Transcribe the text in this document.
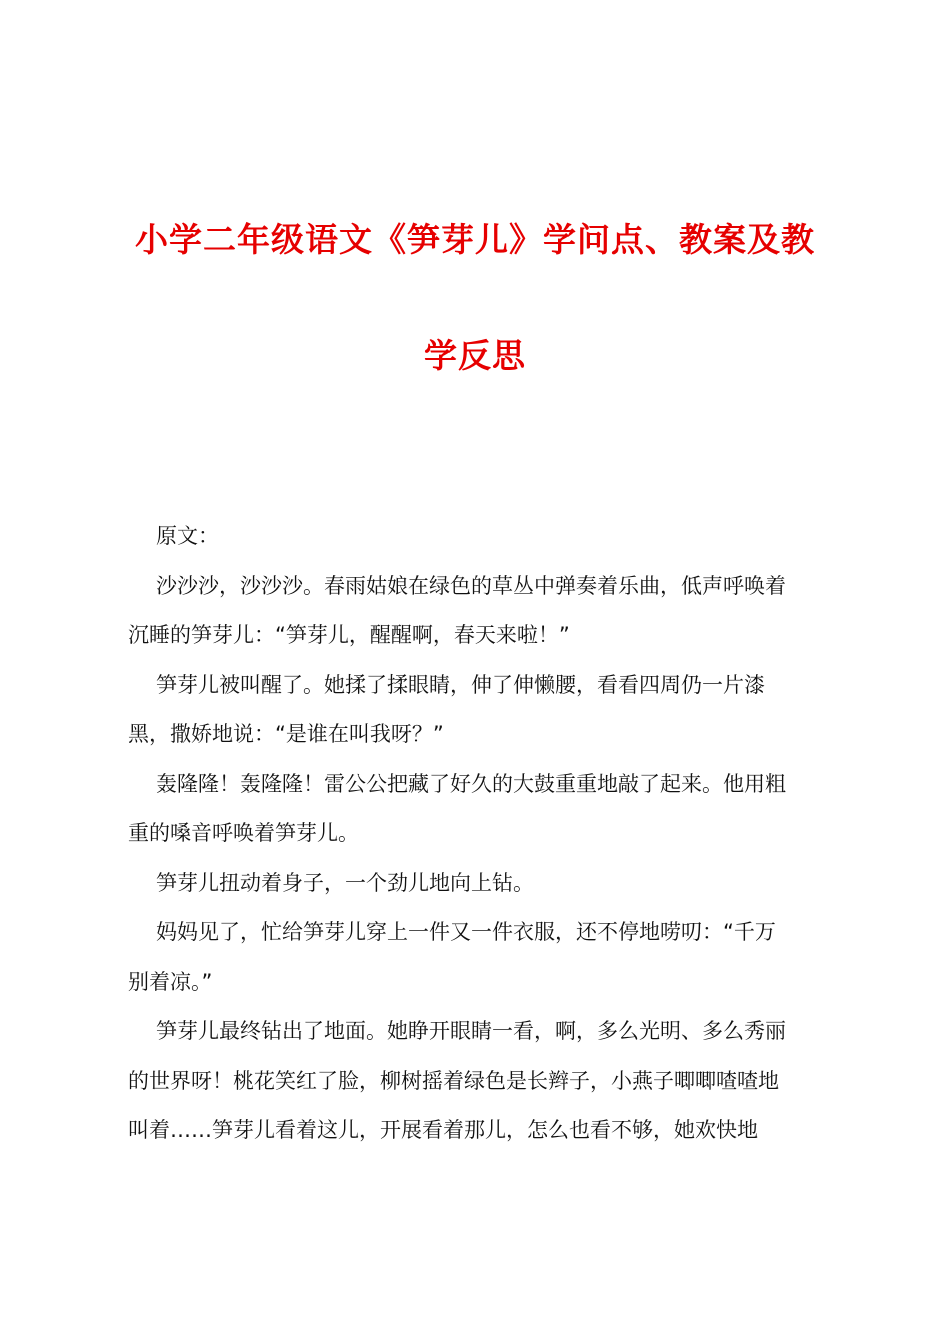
小学二年级语文《笋芽儿》学问点、教案及教
学反思

原文：

沙沙沙，沙沙沙。春雨姑娘在绿色的草丛中弹奏着乐曲，低声呼唤着
沉睡的笋芽儿：“笋芽儿，醒醒啊，春天来啦！”

笋芽儿被叫醒了。她揉了揉眼睛，伸了伸懒腰，看看四周仍一片漆
黑，撒娇地说：“是谁在叫我呀？”

轰隆隆！轰隆隆！雷公公把藏了好久的大鼓重重地敲了起来。他用粗
重的嗓音呼唤着笋芽儿。

笋芽儿扭动着身子，一个劲儿地向上钻。

妈妈见了，忙给笋芽儿穿上一件又一件衣服，还不停地唠叨：“千万
别着凉。”

笋芽儿最终钻出了地面。她睁开眼睛一看，啊，多么光明、多么秀丽
的世界呀！桃花笑红了脸，柳树摇着绿色是长辫子，小燕子唧唧喳喳地
叫着……笋芽儿看着这儿，开展看着那儿，怎么也看不够，她欢快地
